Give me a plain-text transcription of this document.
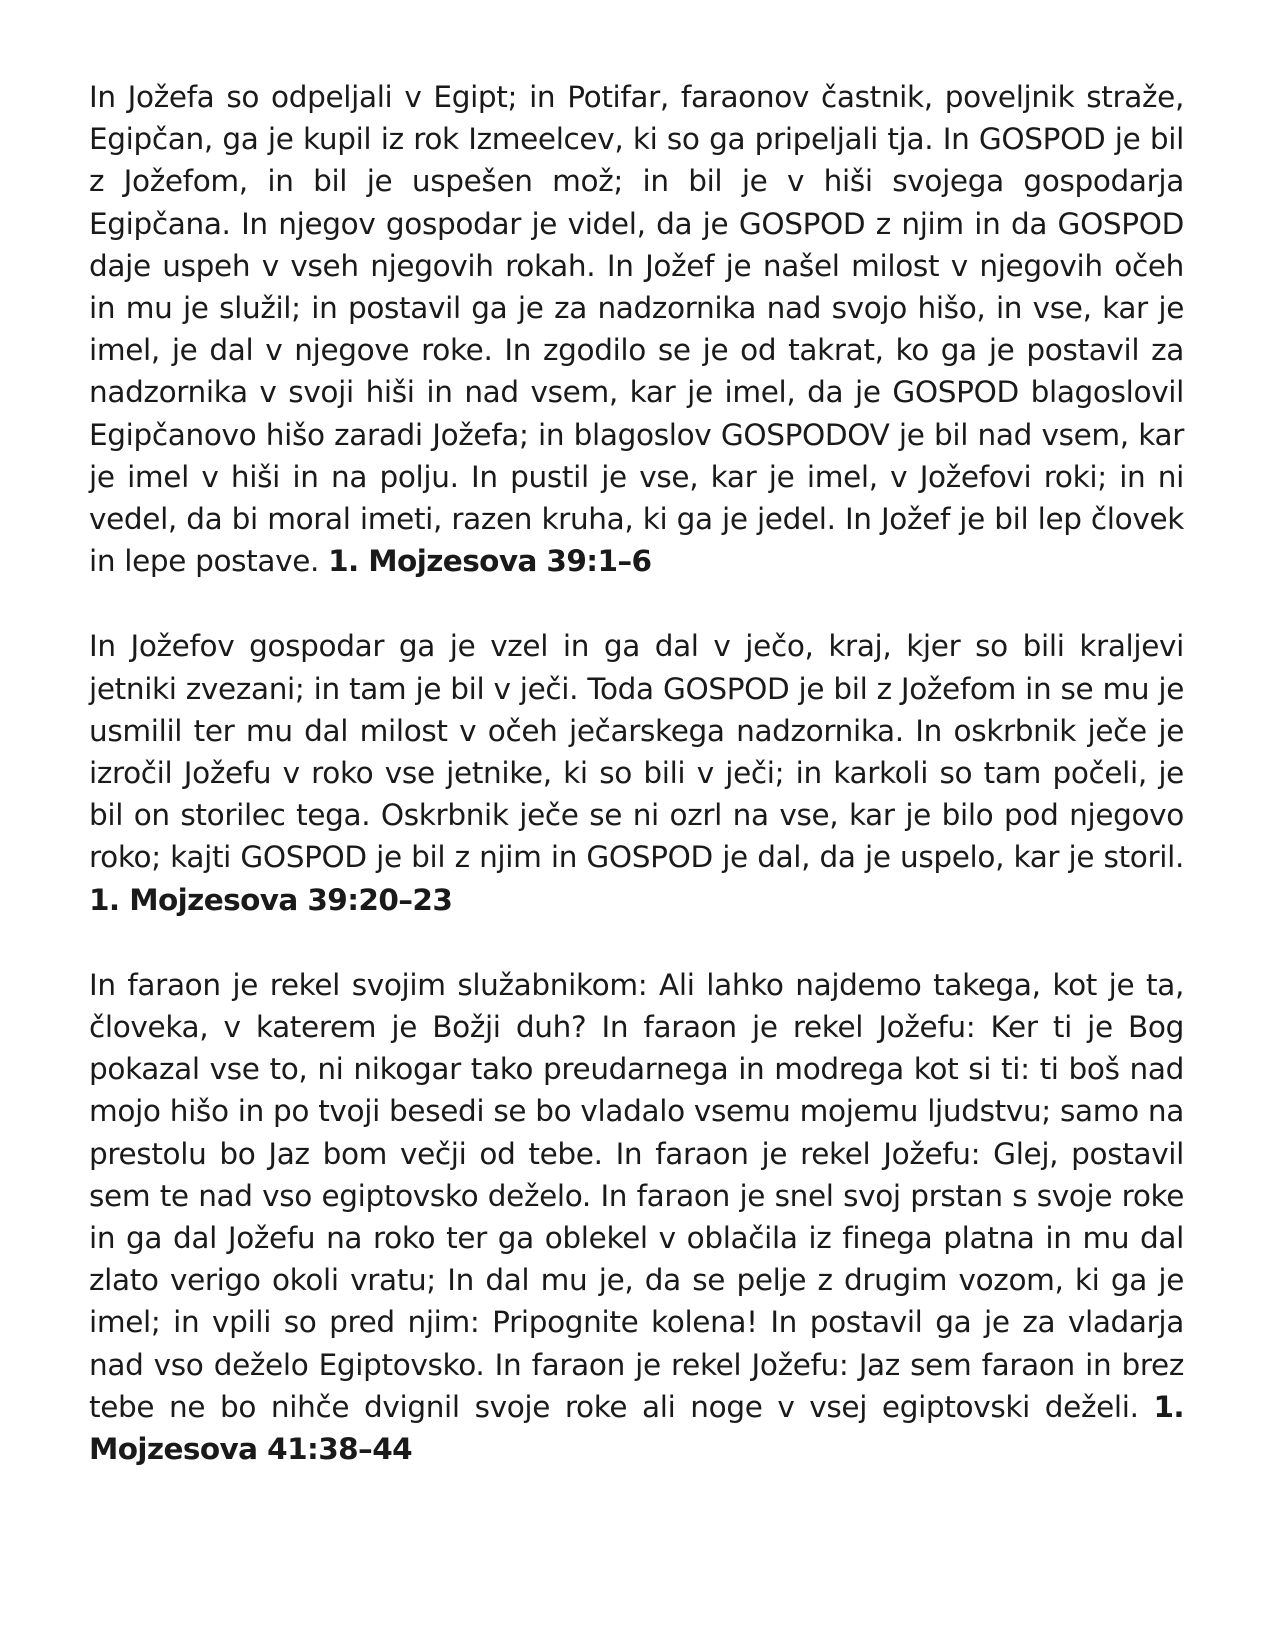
In Jožefa so odpeljali v Egipt; in Potifar, faraonov častnik, poveljnik straže, Egipčan, ga je kupil iz rok Izmeelcev, ki so ga pripeljali tja. In GOSPOD je bil z Jožefom, in bil je uspešen mož; in bil je v hiši svojega gospodarja Egipčana. In njegov gospodar je videl, da je GOSPOD z njim in da GOSPOD daje uspeh v vseh njegovih rokah. In Jožef je našel milost v njegovih očeh in mu je služil; in postavil ga je za nadzornika nad svojo hišo, in vse, kar je imel, je dal v njegove roke. In zgodilo se je od takrat, ko ga je postavil za nadzornika v svoji hiši in nad vsem, kar je imel, da je GOSPOD blagoslovil Egipčanovo hišo zaradi Jožefa; in blagoslov GOSPODOV je bil nad vsem, kar je imel v hiši in na polju. In pustil je vse, kar je imel, v Jožefovi roki; in ni vedel, da bi moral imeti, razen kruha, ki ga je jedel. In Jožef je bil lep človek in lepe postave. 1. Mojzesova 39:1–6

In Jožefov gospodar ga je vzel in ga dal v ječo, kraj, kjer so bili kraljevi jetniki zvezani; in tam je bil v ječi. Toda GOSPOD je bil z Jožefom in se mu je usmilil ter mu dal milost v očeh ječarskega nadzornika. In oskrbnik ječe je izročil Jožefu v roko vse jetnike, ki so bili v ječi; in karkoli so tam počeli, je bil on storilec tega. Oskrbnik ječe se ni ozrl na vse, kar je bilo pod njegovo roko; kajti GOSPOD je bil z njim in GOSPOD je dal, da je uspelo, kar je storil. 1. Mojzesova 39:20–23

In faraon je rekel svojim služabnikom: Ali lahko najdemo takega, kot je ta, človeka, v katerem je Božji duh? In faraon je rekel Jožefu: Ker ti je Bog pokazal vse to, ni nikogar tako preudarnega in modrega kot si ti: ti boš nad mojo hišo in po tvoji besedi se bo vladalo vsemu mojemu ljudstvu; samo na prestolu bo Jaz bom večji od tebe. In faraon je rekel Jožefu: Glej, postavil sem te nad vso egiptovsko deželo. In faraon je snel svoj prstan s svoje roke in ga dal Jožefu na roko ter ga oblekel v oblačila iz finega platna in mu dal zlato verigo okoli vratu; In dal mu je, da se pelje z drugim vozom, ki ga je imel; in vpili so pred njim: Pripognite kolena! In postavil ga je za vladarja nad vso deželo Egiptovsko. In faraon je rekel Jožefu: Jaz sem faraon in brez tebe ne bo nihče dvignil svoje roke ali noge v vsej egiptovski deželi. 1. Mojzesova 41:38–44
